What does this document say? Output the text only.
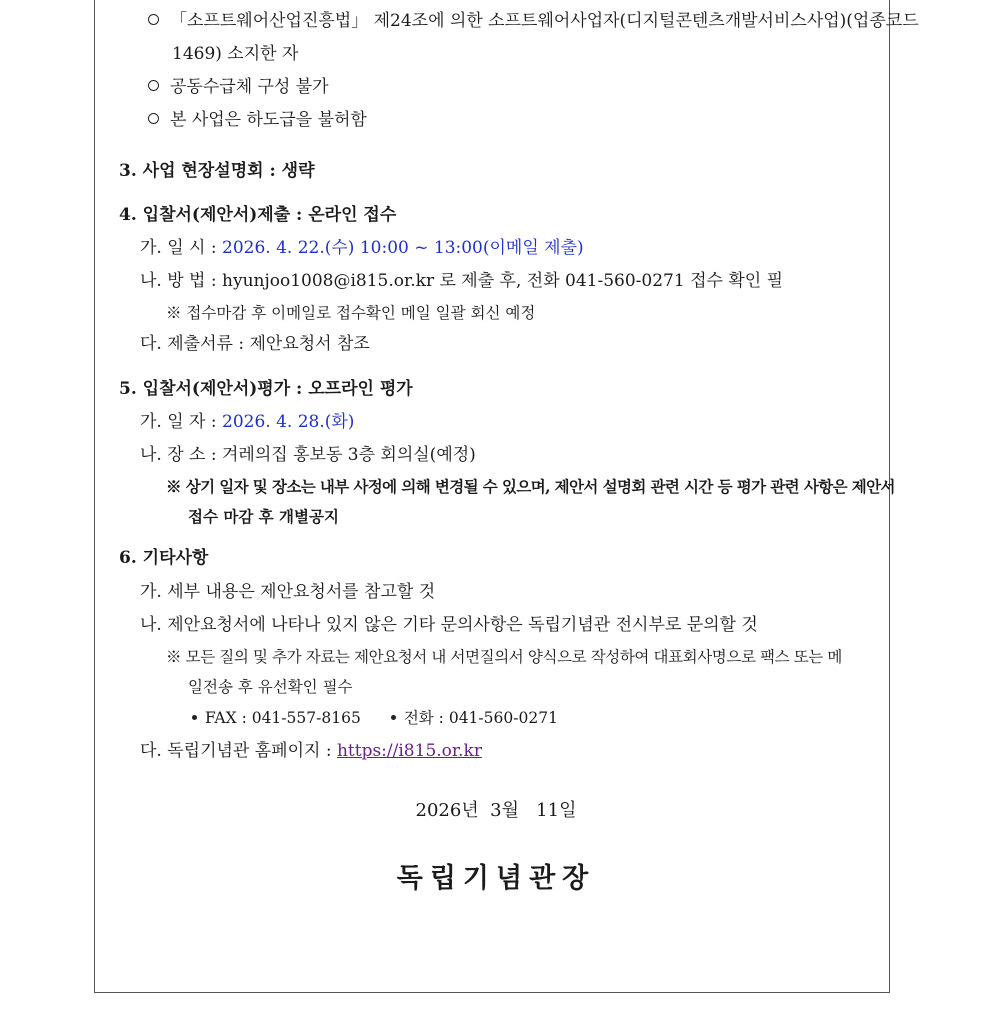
「소프트웨어산업진흥법」 제24조에 의한 소프트웨어사업자(디지털콘텐츠개발서비스사업)(업종코드
1469) 소지한 자
공동수급체 구성 불가
본 사업은 하도급을 불허함
3. 사업 현장설명회 : 생략
4. 입찰서(제안서)제출 : 온라인 접수
가. 일 시 : 2026. 4. 22.(수) 10:00 ~ 13:00(이메일 제출)
나. 방 법 : hyunjoo1008@i815.or.kr 로 제출 후, 전화 041-560-0271 접수 확인 필
※ 접수마감 후 이메일로 접수확인 메일 일괄 회신 예정
다. 제출서류 : 제안요청서 참조
5. 입찰서(제안서)평가 : 오프라인 평가
가. 일 자 : 2026. 4. 28.(화)
나. 장 소 : 겨레의집 홍보동 3층 회의실(예정)
※ 상기 일자 및 장소는 내부 사정에 의해 변경될 수 있으며, 제안서 설명회 관련 시간 등 평가 관련 사항은 제안서
접수 마감 후 개별공지
6. 기타사항
가. 세부 내용은 제안요청서를 참고할 것
나. 제안요청서에 나타나 있지 않은 기타 문의사항은 독립기념관 전시부로 문의할 것
※ 모든 질의 및 추가 자료는 제안요청서 내 서면질의서 양식으로 작성하여 대표회사명으로 팩스 또는 메
일전송 후 유선확인 필수
FAX : 041-557-8165	전화 : 041-560-0271
다. 독립기념관 홈페이지 : https://i815.or.kr
2026년  3월   11일
독립기념관장
